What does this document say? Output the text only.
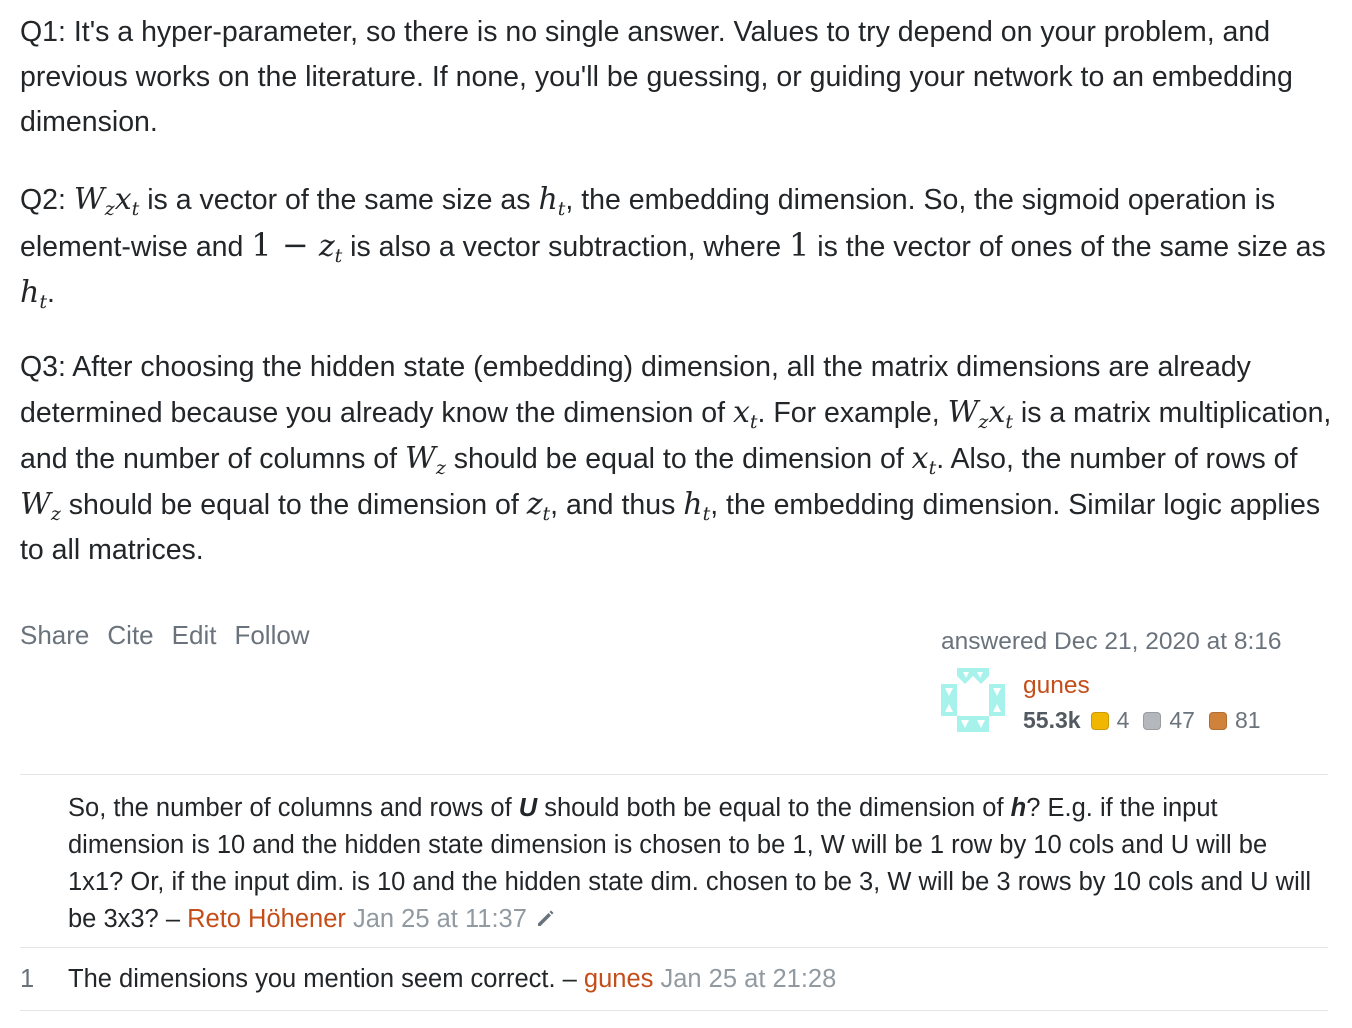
Q1: It's a hyper-parameter, so there is no single answer. Values to try depend on your problem, and previous works on the literature. If none, you'll be guessing, or guiding your network to an embedding dimension.

Q2: $W_zx_t$ is a vector of the same size as $h_t$, the embedding dimension. So, the sigmoid operation is element-wise and $1 - z_t$ is also a vector subtraction, where 1 is the vector of ones of the same size as $h_t$.

Q3: After choosing the hidden state (embedding) dimension, all the matrix dimensions are already determined because you already know the dimension of $x_t$. For example, $W_zx_t$ is a matrix multiplication, and the number of columns of $W_z$ should be equal to the dimension of $x_t$. Also, the number of rows of $W_z$ should be equal to the dimension of $z_t$, and thus $h_t$, the embedding dimension. Similar logic applies to all matrices.

Share Cite Edit Follow	answered Dec 21, 2020 at 8:16
gunes
55.3k 4 47 81
So, the number of columns and rows of U should both be equal to the dimension of h? E.g. if the input dimension is 10 and the hidden state dimension is chosen to be 1, W will be 1 row by 10 cols and U will be 1x1? Or, if the input dim. is 10 and the hidden state dim. chosen to be 3, W will be 3 rows by 10 cols and U will be 3x3? – Reto Höhener Jan 25 at 11:37
1	The dimensions you mention seem correct. – gunes Jan 25 at 21:28
